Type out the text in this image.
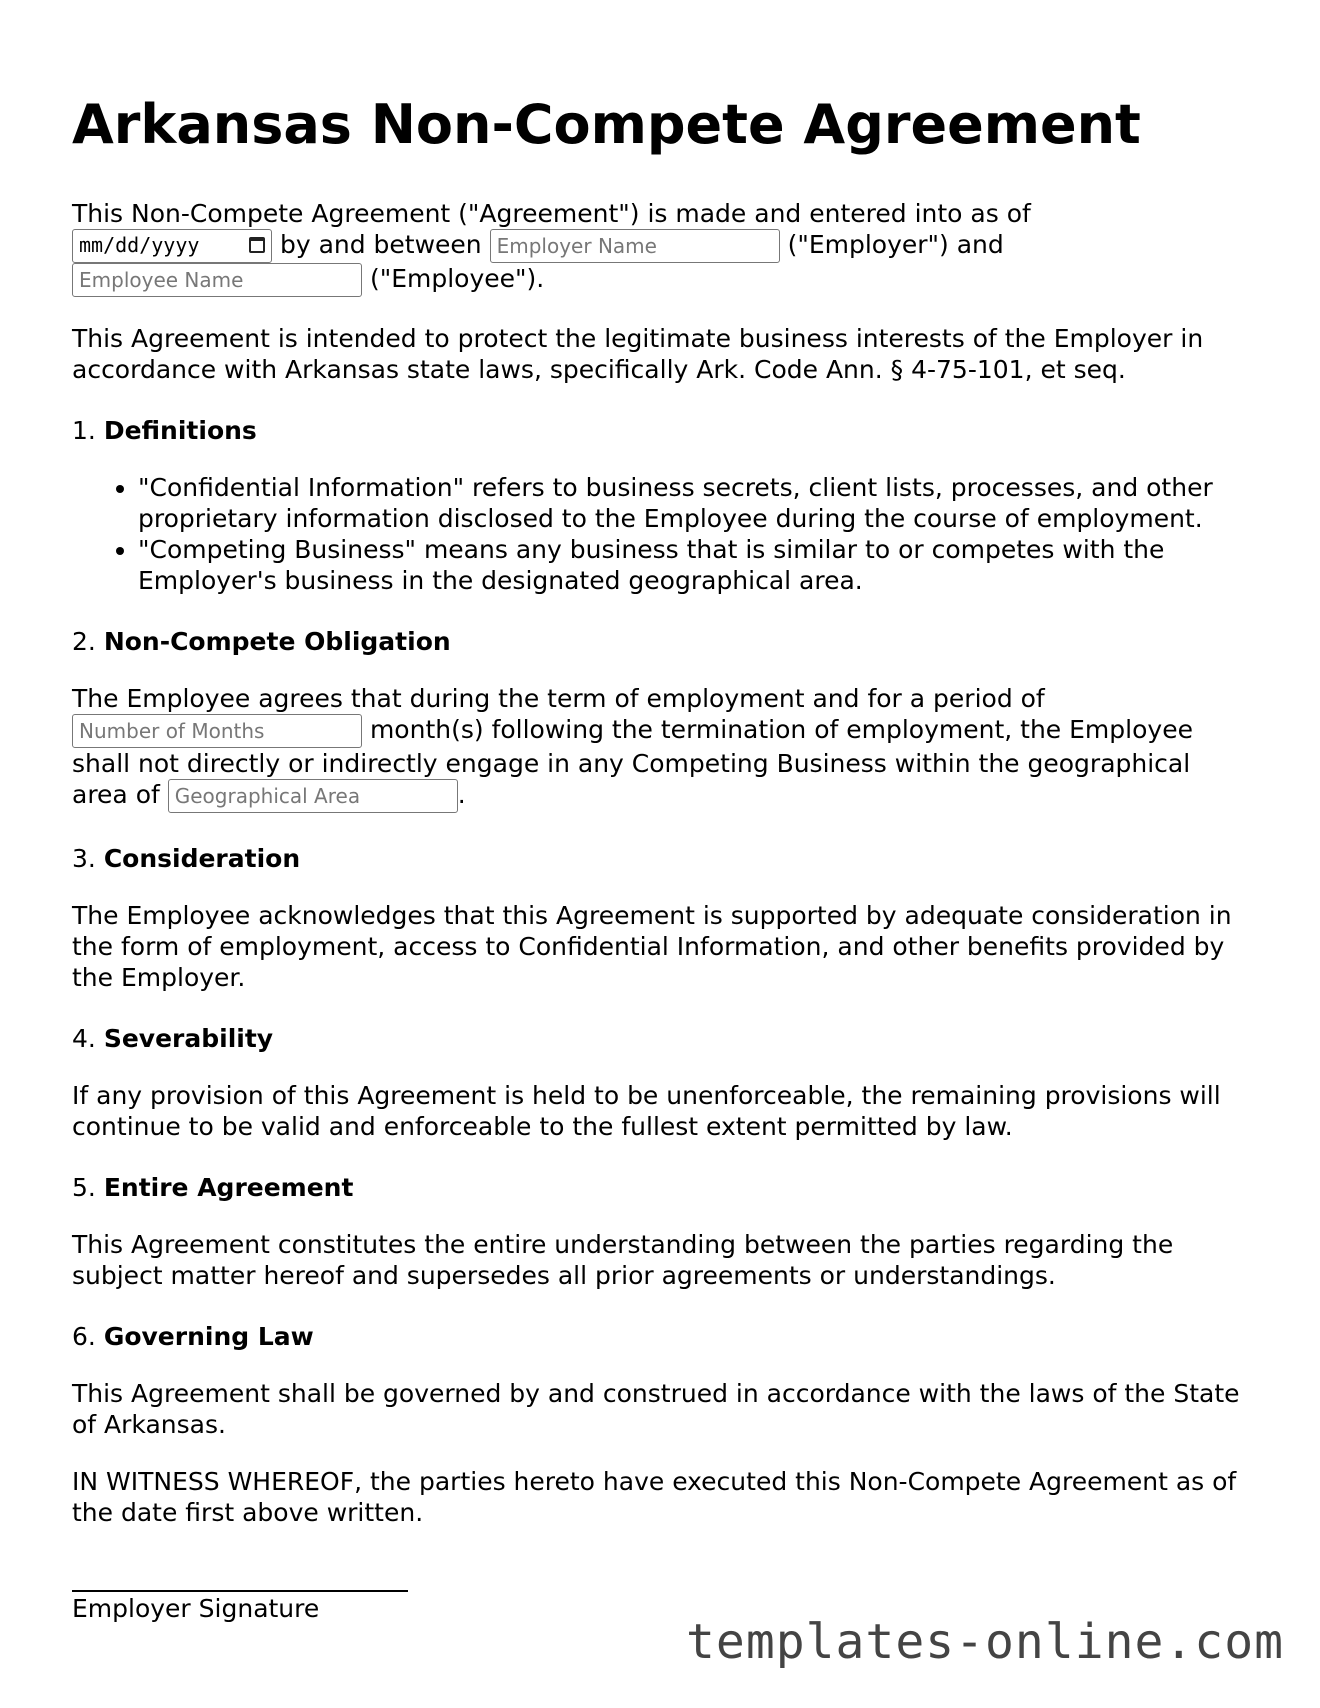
Arkansas Non-Compete Agreement

This Non-Compete Agreement ("Agreement") is made and entered into as of
mm/dd/yyyy	by and between Employer Name	("Employer") and
Employee Name ("Employee").

This Agreement is intended to protect the legitimate business interests of the Employer in accordance with Arkansas state laws, specifically Ark. Code Ann. § 4-75-101, et seq.

1. Definitions
• "Confidential Information" refers to business secrets, client lists, processes, and other proprietary information disclosed to the Employee during the course of employment.
• "Competing Business" means any business that is similar to or competes with the Employer's business in the designated geographical area.
2. Non-Compete Obligation

The Employee agrees that during the term of employment and for a period of
Number of Months month(s) following the termination of employment, the Employee shall not directly or indirectly engage in any Competing Business within the geographical area of Geographical Area	.

3. Consideration

The Employee acknowledges that this Agreement is supported by adequate consideration in the form of employment, access to Confidential Information, and other benefits provided by the Employer.

4. Severability

If any provision of this Agreement is held to be unenforceable, the remaining provisions will continue to be valid and enforceable to the fullest extent permitted by law.

5. Entire Agreement

This Agreement constitutes the entire understanding between the parties regarding the subject matter hereof and supersedes all prior agreements or understandings.

6. Governing Law

This Agreement shall be governed by and construed in accordance with the laws of the State of Arkansas.

IN WITNESS WHEREOF, the parties hereto have executed this Non-Compete Agreement as of the date first above written.

Employer Signature
templates-online.com
